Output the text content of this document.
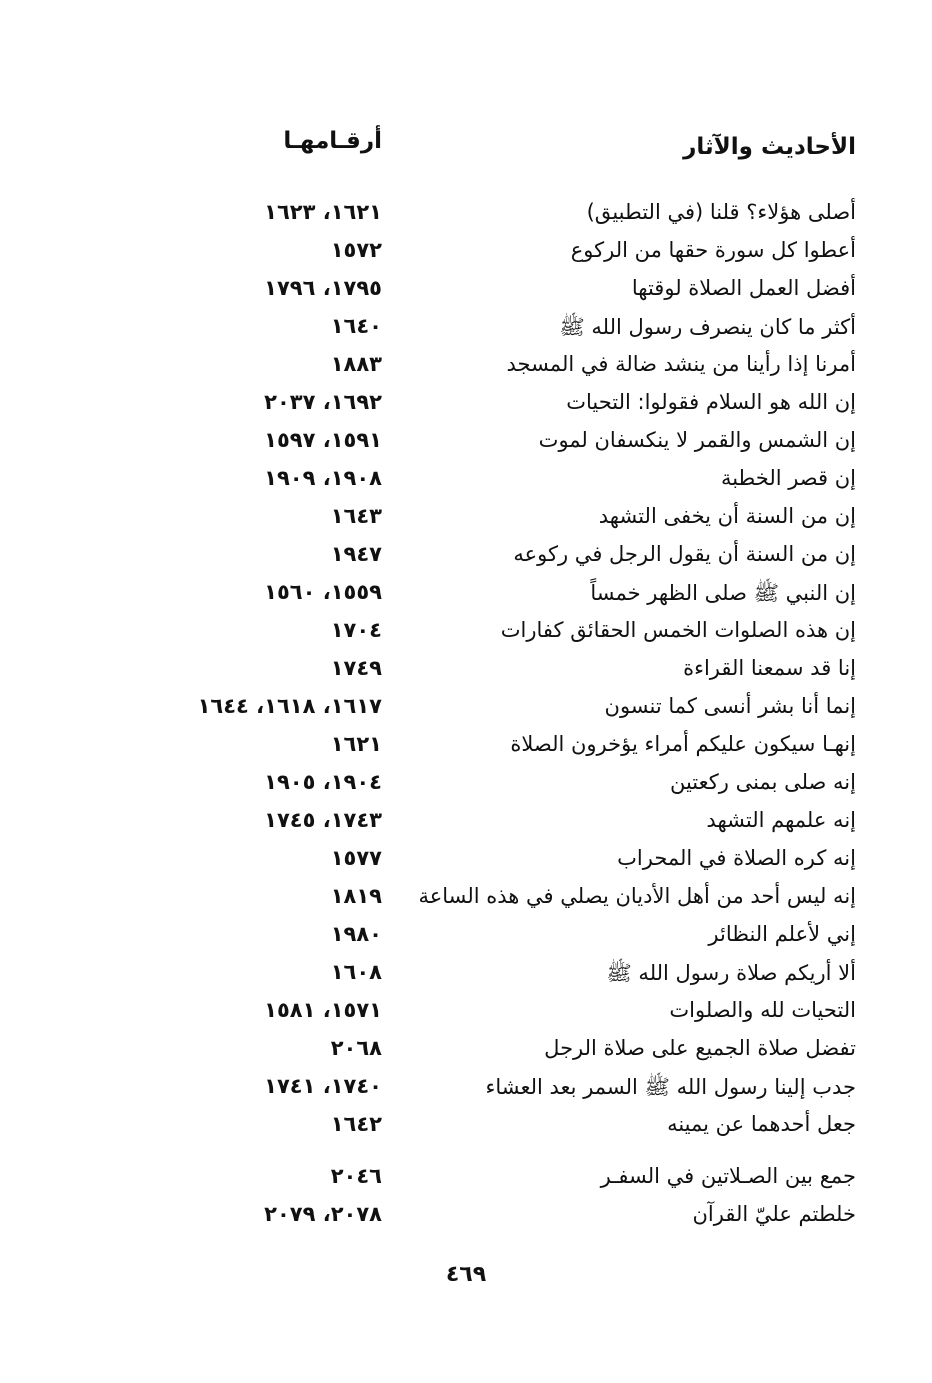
الأحاديث والآثار
أرقـامهـا
أصلى هؤلاء؟ قلنا (في التطبيق)
١٦٢١، ١٦٢٣
أعطوا كل سورة حقها من الركوع
١٥٧٢
أفضل العمل الصلاة لوقتها
١٧٩٥، ١٧٩٦
أكثر ما كان ينصرف رسول الله ﷺ
١٦٤٠
أمرنا إذا رأينا من ينشد ضالة في المسجد
١٨٨٣
إن الله هو السلام فقولوا: التحيات
١٦٩٢، ٢٠٣٧
إن الشمس والقمر لا ينكسفان لموت
١٥٩١، ١٥٩٧
إن قصر الخطبة
١٩٠٨، ١٩٠٩
إن من السنة أن يخفى التشهد
١٦٤٣
إن من السنة أن يقول الرجل في ركوعه
١٩٤٧
إن النبي ﷺ صلى الظهر خمساً
١٥٥٩، ١٥٦٠
إن هذه الصلوات الخمس الحقائق كفارات
١٧٠٤
إنا قد سمعنا القراءة
١٧٤٩
إنما أنا بشر أنسى كما تنسون
١٦١٧، ١٦١٨، ١٦٤٤
إنهـا سيكون عليكم أمراء يؤخرون الصلاة
١٦٢١
إنه صلى بمنى ركعتين
١٩٠٤، ١٩٠٥
إنه علمهم التشهد
١٧٤٣، ١٧٤٥
إنه كره الصلاة في المحراب
١٥٧٧
إنه ليس أحد من أهل الأديان يصلي في هذه الساعة
١٨١٩
إني لأعلم النظائر
١٩٨٠
ألا أريكم صلاة رسول الله ﷺ
١٦٠٨
التحيات لله والصلوات
١٥٧١، ١٥٨١
تفضل صلاة الجميع على صلاة الرجل
٢٠٦٨
جدب إلينا رسول الله ﷺ السمر بعد العشاء
١٧٤٠، ١٧٤١
جعل أحدهما عن يمينه
١٦٤٢
جمع بين الصـلاتين في السفـر
٢٠٤٦
خلطتم عليّ القرآن
٢٠٧٨، ٢٠٧٩
٤٦٩
